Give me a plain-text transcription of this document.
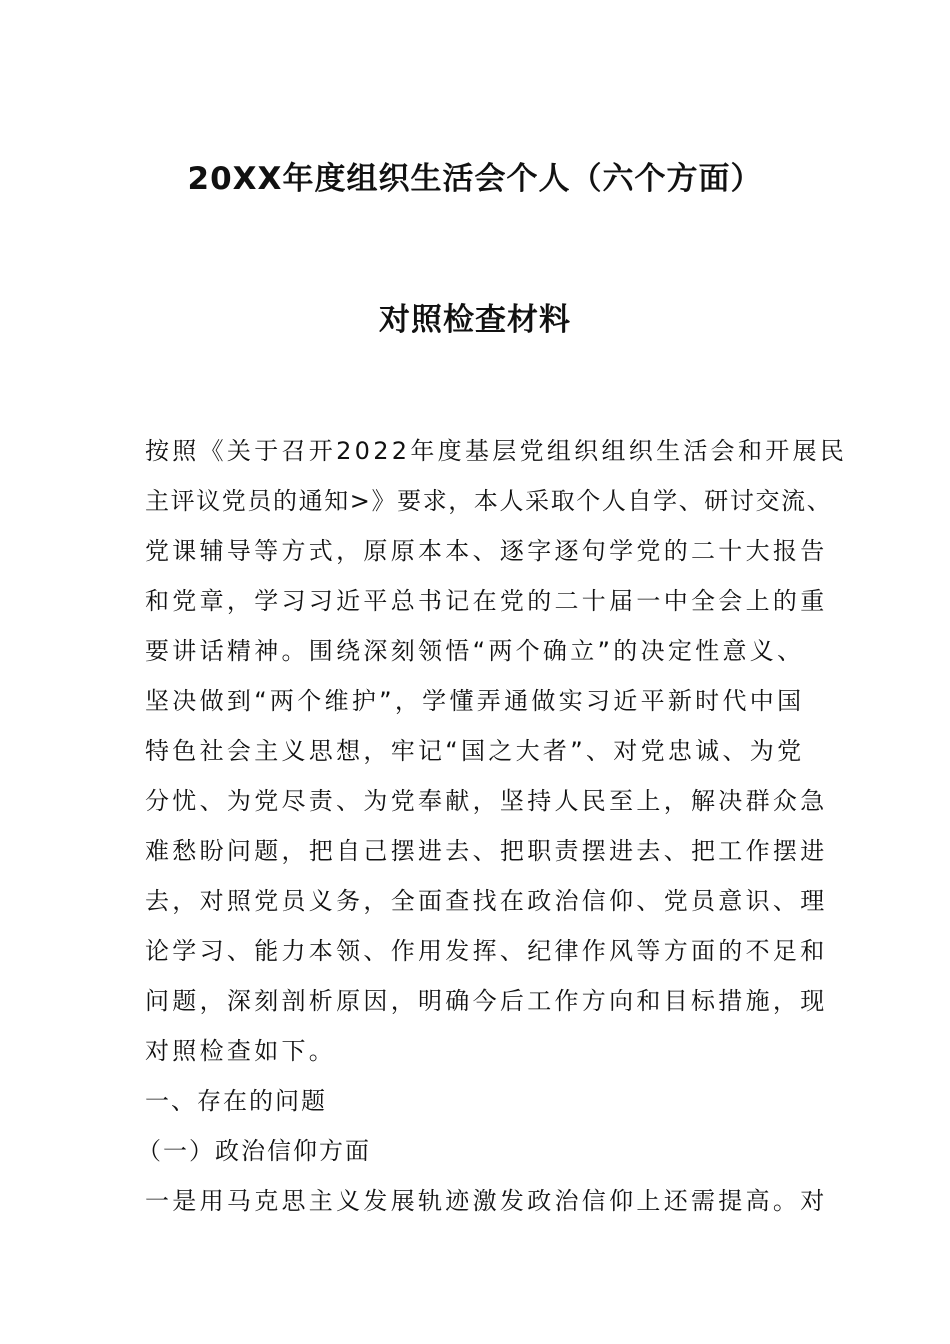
20XX年度组织生活会个人（六个方面）
对照检查材料
按照《关于召开2022年度基层党组织组织生活会和开展民
主评议党员的通知>》要求，本人采取个人自学、研讨交流、
党课辅导等方式，原原本本、逐字逐句学党的二十大报告
和党章，学习习近平总书记在党的二十届一中全会上的重
要讲话精神。围绕深刻领悟“两个确立”的决定性意义、
坚决做到“两个维护”，学懂弄通做实习近平新时代中国
特色社会主义思想，牢记“国之大者”、对党忠诚、为党
分忧、为党尽责、为党奉献，坚持人民至上，解决群众急
难愁盼问题，把自己摆进去、把职责摆进去、把工作摆进
去，对照党员义务，全面查找在政治信仰、党员意识、理
论学习、能力本领、作用发挥、纪律作风等方面的不足和
问题，深刻剖析原因，明确今后工作方向和目标措施，现
对照检查如下。
一、存在的问题
（一）政治信仰方面
一是用马克思主义发展轨迹激发政治信仰上还需提高。对
